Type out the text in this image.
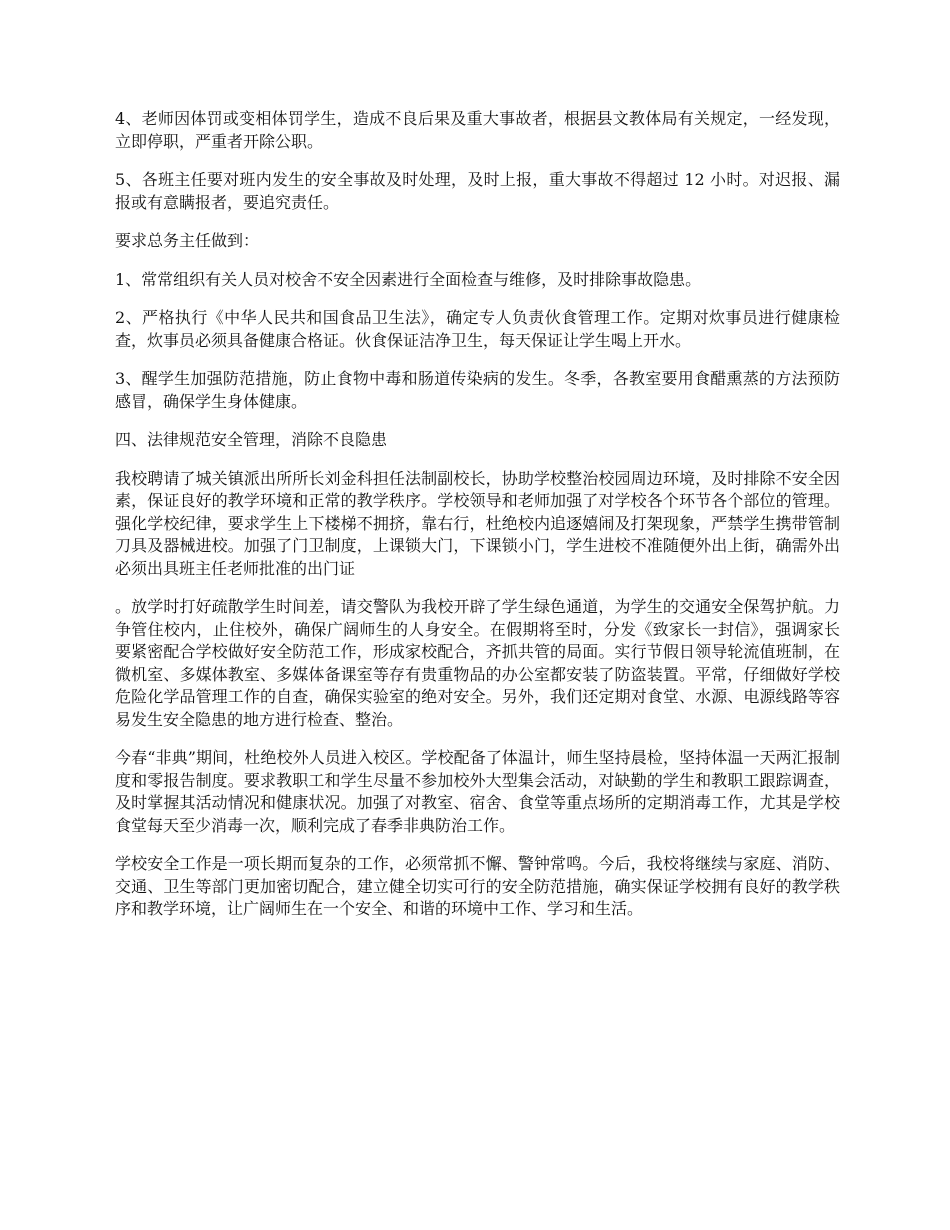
4、老师因体罚或变相体罚学生，造成不良后果及重大事故者，根据县文教体局有关规定，一经发现，立即停职，严重者开除公职。

5、各班主任要对班内发生的安全事故及时处理，及时上报，重大事故不得超过 12 小时。对迟报、漏报或有意瞒报者，要追究责任。

要求总务主任做到：

1、常常组织有关人员对校舍不安全因素进行全面检查与维修，及时排除事故隐患。

2、严格执行《中华人民共和国食品卫生法》，确定专人负责伙食管理工作。定期对炊事员进行健康检查，炊事员必须具备健康合格证。伙食保证洁净卫生，每天保证让学生喝上开水。

3、醒学生加强防范措施，防止食物中毒和肠道传染病的发生。冬季，各教室要用食醋熏蒸的方法预防感冒，确保学生身体健康。

四、法律规范安全管理，消除不良隐患

我校聘请了城关镇派出所所长刘金科担任法制副校长，协助学校整治校园周边环境，及时排除不安全因素，保证良好的教学环境和正常的教学秩序。学校领导和老师加强了对学校各个环节各个部位的管理。强化学校纪律，要求学生上下楼梯不拥挤，靠右行，杜绝校内追逐嬉闹及打架现象，严禁学生携带管制刀具及器械进校。加强了门卫制度，上课锁大门，下课锁小门，学生进校不准随便外出上街，确需外出必须出具班主任老师批准的出门证

。放学时打好疏散学生时间差，请交警队为我校开辟了学生绿色通道，为学生的交通安全保驾护航。力争管住校内，止住校外，确保广阔师生的人身安全。在假期将至时，分发《致家长一封信》，强调家长要紧密配合学校做好安全防范工作，形成家校配合，齐抓共管的局面。实行节假日领导轮流值班制，在微机室、多媒体教室、多媒体备课室等存有贵重物品的办公室都安装了防盗装置。平常，仔细做好学校危险化学品管理工作的自查，确保实验室的绝对安全。另外，我们还定期对食堂、水源、电源线路等容易发生安全隐患的地方进行检查、整治。

今春“非典”期间，杜绝校外人员进入校区。学校配备了体温计，师生坚持晨检，坚持体温一天两汇报制度和零报告制度。要求教职工和学生尽量不参加校外大型集会活动，对缺勤的学生和教职工跟踪调查，及时掌握其活动情况和健康状况。加强了对教室、宿舍、食堂等重点场所的定期消毒工作，尤其是学校食堂每天至少消毒一次，顺利完成了春季非典防治工作。

学校安全工作是一项长期而复杂的工作，必须常抓不懈、警钟常鸣。今后，我校将继续与家庭、消防、交通、卫生等部门更加密切配合，建立健全切实可行的安全防范措施，确实保证学校拥有良好的教学秩序和教学环境，让广阔师生在一个安全、和谐的环境中工作、学习和生活。
